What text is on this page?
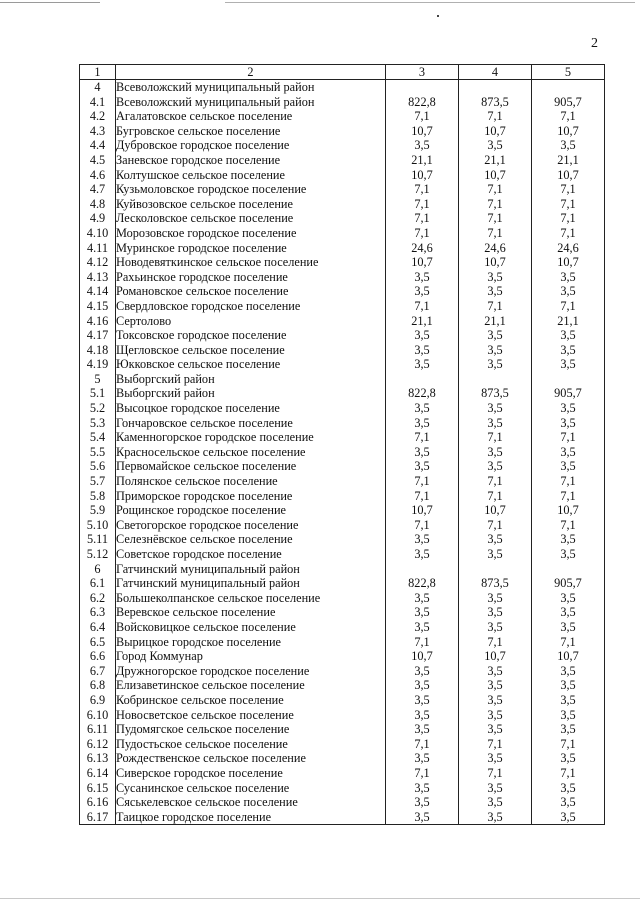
2
1	2	3	4	5
4	Всеволожский муниципальный район			
4.1	Всеволожский муниципальный район	822,8	873,5	905,7
4.2	Агалатовское сельское поселение	7,1	7,1	7,1
4.3	Бугровское сельское поселение	10,7	10,7	10,7
4.4	Дубровское городское поселение	3,5	3,5	3,5
4.5	Заневское городское поселение	21,1	21,1	21,1
4.6	Колтушское сельское поселение	10,7	10,7	10,7
4.7	Кузьмоловское городское поселение	7,1	7,1	7,1
4.8	Куйвозовское сельское поселение	7,1	7,1	7,1
4.9	Лесколовское сельское поселение	7,1	7,1	7,1
4.10	Морозовское городское поселение	7,1	7,1	7,1
4.11	Муринское городское поселение	24,6	24,6	24,6
4.12	Новодевяткинское сельское поселение	10,7	10,7	10,7
4.13	Рахьинское городское поселение	3,5	3,5	3,5
4.14	Романовское сельское поселение	3,5	3,5	3,5
4.15	Свердловское городское поселение	7,1	7,1	7,1
4.16	Сертолово	21,1	21,1	21,1
4.17	Токсовское городское поселение	3,5	3,5	3,5
4.18	Щегловское сельское поселение	3,5	3,5	3,5
4.19	Юкковское сельское поселение	3,5	3,5	3,5
5	Выборгский район			
5.1	Выборгский район	822,8	873,5	905,7
5.2	Высоцкое городское поселение	3,5	3,5	3,5
5.3	Гончаровское сельское поселение	3,5	3,5	3,5
5.4	Каменногорское городское поселение	7,1	7,1	7,1
5.5	Красносельское сельское поселение	3,5	3,5	3,5
5.6	Первомайское сельское поселение	3,5	3,5	3,5
5.7	Полянское сельское поселение	7,1	7,1	7,1
5.8	Приморское городское поселение	7,1	7,1	7,1
5.9	Рощинское городское поселение	10,7	10,7	10,7
5.10	Светогорское городское поселение	7,1	7,1	7,1
5.11	Селезнёвское сельское поселение	3,5	3,5	3,5
5.12	Советское городское поселение	3,5	3,5	3,5
6	Гатчинский муниципальный район			
6.1	Гатчинский муниципальный район	822,8	873,5	905,7
6.2	Большеколпанское сельское поселение	3,5	3,5	3,5
6.3	Веревское сельское поселение	3,5	3,5	3,5
6.4	Войсковицкое сельское поселение	3,5	3,5	3,5
6.5	Вырицкое городское поселение	7,1	7,1	7,1
6.6	Город Коммунар	10,7	10,7	10,7
6.7	Дружногорское городское поселение	3,5	3,5	3,5
6.8	Елизаветинское сельское поселение	3,5	3,5	3,5
6.9	Кобринское сельское поселение	3,5	3,5	3,5
6.10	Новосветское сельское поселение	3,5	3,5	3,5
6.11	Пудомягское сельское поселение	3,5	3,5	3,5
6.12	Пудостьское сельское поселение	7,1	7,1	7,1
6.13	Рождественское сельское поселение	3,5	3,5	3,5
6.14	Сиверское городское поселение	7,1	7,1	7,1
6.15	Сусанинское сельское поселение	3,5	3,5	3,5
6.16	Сяськелевское сельское поселение	3,5	3,5	3,5
6.17	Таицкое городское поселение	3,5	3,5	3,5
